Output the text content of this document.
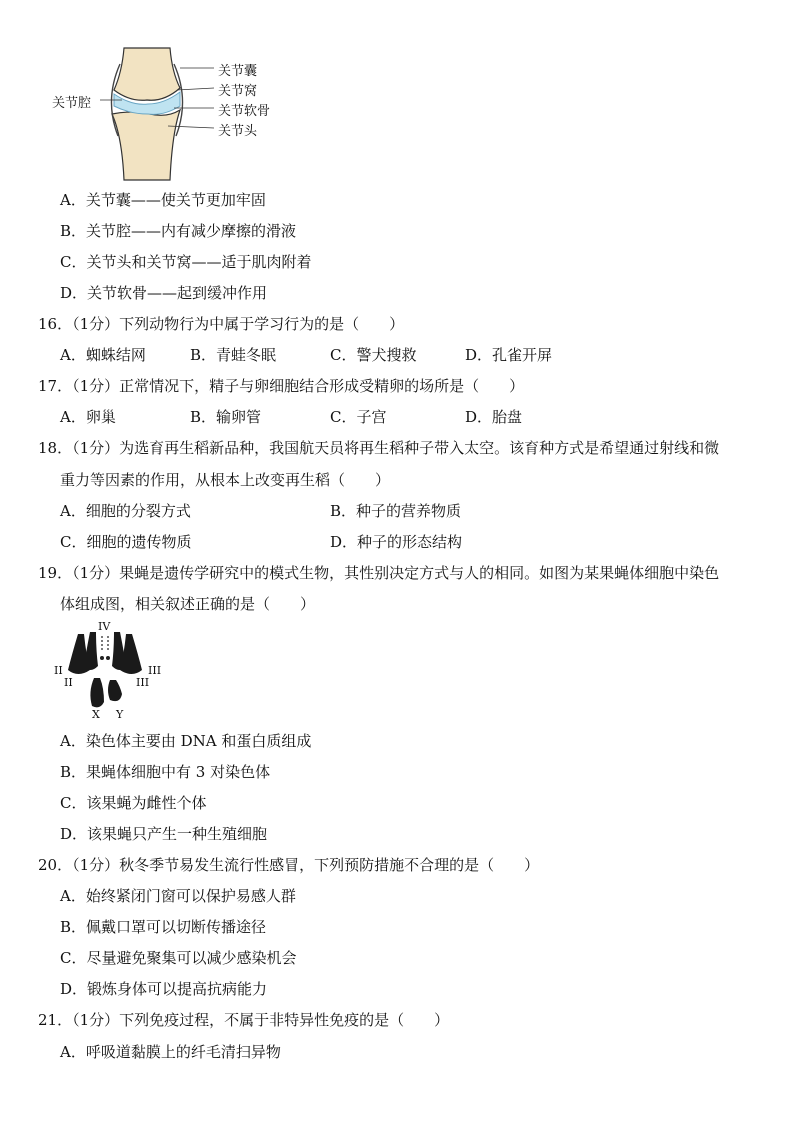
关节囊
关节窝
关节软骨
关节头
关节腔
A．关节囊——使关节更加牢固
B．关节腔——内有减少摩擦的滑液
C．关节头和关节窝——适于肌肉附着
D．关节软骨——起到缓冲作用
16．（1分）下列动物行为中属于学习行为的是（　　）
A．蜘蛛结网	B．青蛙冬眠	C．警犬搜救	D．孔雀开屏
17．（1分）正常情况下，精子与卵细胞结合形成受精卵的场所是（　　）
A．卵巢	B．输卵管	C．子宫	D．胎盘
18．（1分）为选育再生稻新品种，我国航天员将再生稻种子带入太空。该育种方式是希望通过射线和微
重力等因素的作用，从根本上改变再生稻（　　）
A．细胞的分裂方式	B．种子的营养物质
C．细胞的遗传物质	D．种子的形态结构
19．（1分）果蝇是遗传学研究中的模式生物，其性别决定方式与人的相同。如图为某果蝇体细胞中染色
体组成图，相关叙述正确的是（　　）
IV
II
II
III
III
X Y
A．染色体主要由 DNA 和蛋白质组成
B．果蝇体细胞中有 3 对染色体
C．该果蝇为雌性个体
D．该果蝇只产生一种生殖细胞
20．（1分）秋冬季节易发生流行性感冒，下列预防措施不合理的是（　　）
A．始终紧闭门窗可以保护易感人群
B．佩戴口罩可以切断传播途径
C．尽量避免聚集可以减少感染机会
D．锻炼身体可以提高抗病能力
21．（1分）下列免疫过程，不属于非特异性免疫的是（　　）
A．呼吸道黏膜上的纤毛清扫异物
